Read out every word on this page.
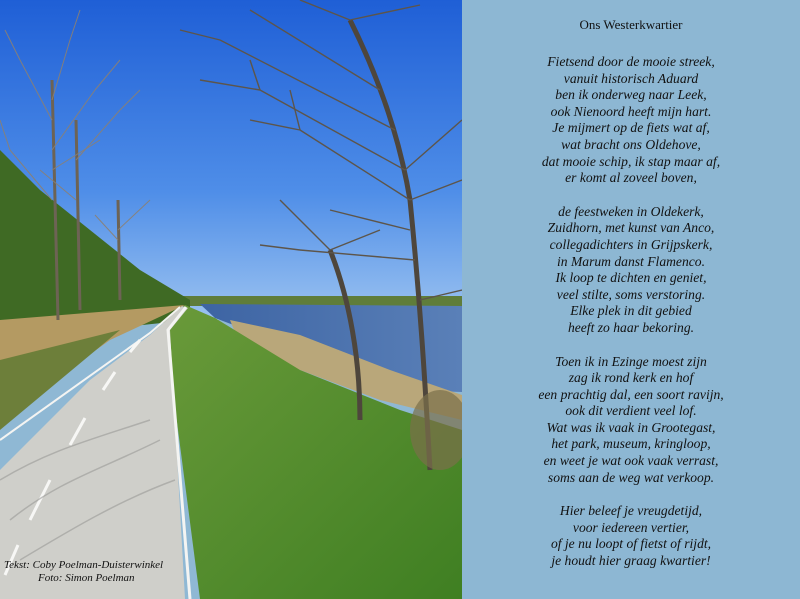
Tekst: Coby Poelman-Duisterwinkel
Foto: Simon Poelman
Ons Westerkwartier
Fietsend door de mooie streek,
vanuit historisch Aduard
ben ik onderweg naar Leek,
ook Nienoord heeft mijn hart.
Je mijmert op de fiets wat af,
wat bracht ons Oldehove,
dat mooie schip, ik stap maar af,
er komt al zoveel boven,
de feestweken in Oldekerk,
Zuidhorn, met kunst van Anco,
collegadichters in Grijpskerk,
in Marum danst Flamenco.
Ik loop te dichten en geniet,
veel stilte, soms verstoring.
Elke plek in dit gebied
heeft zo haar bekoring.
Toen ik in Ezinge moest zijn
zag ik rond kerk en hof
een prachtig dal, een soort ravijn,
ook dit verdient veel lof.
Wat was ik vaak in Grootegast,
het park, museum, kringloop,
en weet je wat ook vaak verrast,
soms aan de weg wat verkoop.
Hier beleef je vreugdetijd,
voor iedereen vertier,
of je nu loopt of fietst of rijdt,
je houdt hier graag kwartier!
